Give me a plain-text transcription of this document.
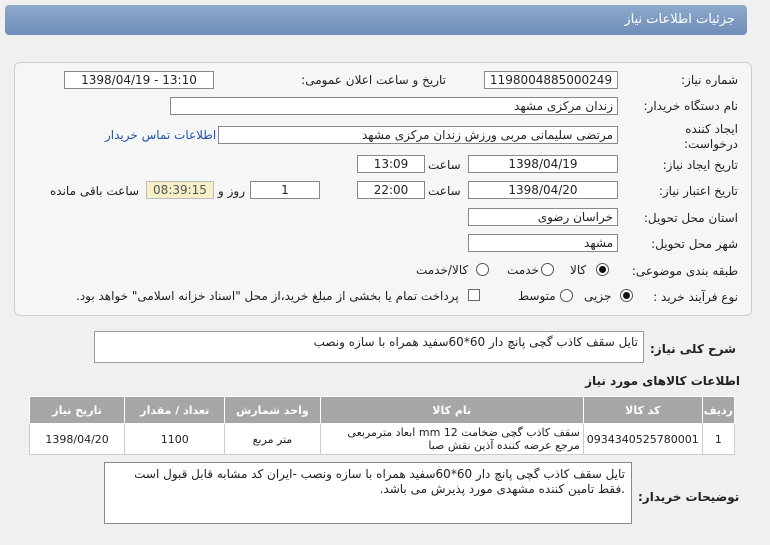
جزئیات اطلاعات نیاز
شماره نیاز:
1198004885000249
تاریخ و ساعت اعلان عمومی:
1398/04/19 - 13:10
نام دستگاه خریدار:
زندان مرکزی مشهد
ایجاد کننده درخواست:
مرتضی سلیمانی مربی ورزش زندان مرکزی مشهد
اطلاعات تماس خریدار
تاریخ ایجاد نیاز:
1398/04/19
ساعت
13:09
تاریخ اعتبار نیاز:
1398/04/20
ساعت
22:00
1
روز و
08:39:15
ساعت باقی مانده
استان محل تحویل:
خراسان رضوی
شهر محل تحویل:
مشهد
طبقه بندی موضوعی:
کالا
خدمت
کالا/خدمت
نوع فرآیند خرید :
جزیی
متوسط
پرداخت تمام یا بخشی از مبلغ خرید،از محل "اسناد خزانه اسلامی" خواهد بود.
شرح کلی نیاز:
تایل سقف کاذب گچی پانچ دار 60*60سفید همراه با سازه ونصب
اطلاعات کالاهای مورد نیاز
ردیف	کد کالا	نام کالا	واحد شمارش	تعداد / مقدار	تاریخ نیاز
1	0934340525780001	سقف کاذب گچی ضخامت 12 mm ابعاد مترمربعی مرجع عرضه کننده آذین نقش صبا	متر مربع	1100	1398/04/20
توضیحات خریدار:
تایل سقف کاذب گچی پانچ دار 60*60سفید همراه با سازه ونصب -ایران کد مشابه قابل قبول است .فقط تامین کننده مشهدی مورد پذیرش می باشد.
